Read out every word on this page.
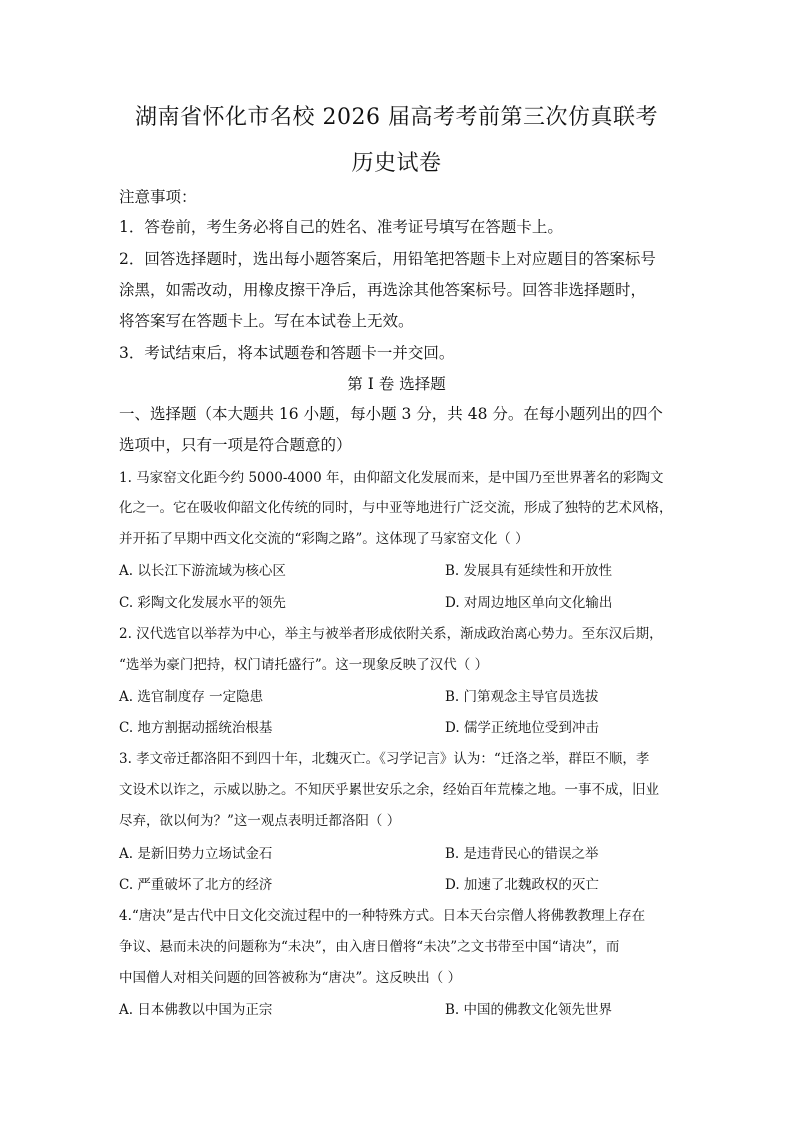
湖南省怀化市名校 2026 届高考考前第三次仿真联考
历史试卷
注意事项：
1．答卷前，考生务必将自己的姓名、准考证号填写在答题卡上。
2．回答选择题时，选出每小题答案后，用铅笔把答题卡上对应题目的答案标号
涂黑，如需改动，用橡皮擦干净后，再选涂其他答案标号。回答非选择题时，
将答案写在答题卡上。写在本试卷上无效。
3．考试结束后，将本试题卷和答题卡一并交回。
第 I 卷 选择题
一、选择题（本大题共 16 小题，每小题 3 分，共 48 分。在每小题列出的四个
选项中，只有一项是符合题意的）
1. 马家窑文化距今约 5000-4000 年，由仰韶文化发展而来，是中国乃至世界著名的彩陶文
化之一。它在吸收仰韶文化传统的同时，与中亚等地进行广泛交流，形成了独特的艺术风格，
并开拓了早期中西文化交流的“彩陶之路”。这体现了马家窑文化（ ）
A. 以长江下游流域为核心区	B. 发展具有延续性和开放性
C. 彩陶文化发展水平的领先	D. 对周边地区单向文化输出
2. 汉代选官以举荐为中心，举主与被举者形成依附关系，渐成政治离心势力。至东汉后期，
“选举为豪门把持，权门请托盛行”。这一现象反映了汉代（ ）
A. 选官制度存 一定隐患	B. 门第观念主导官员选拔
C. 地方割据动摇统治根基	D. 儒学正统地位受到冲击
3. 孝文帝迁都洛阳不到四十年，北魏灭亡。《习学记言》认为：“迁洛之举，群臣不顺，孝
文设术以诈之，示威以胁之。不知厌乎累世安乐之余，经始百年荒榛之地。一事不成，旧业
尽弃，欲以何为？”这一观点表明迁都洛阳（ ）
A. 是新旧势力立场试金石	B. 是违背民心的错误之举
C. 严重破坏了北方的经济	D. 加速了北魏政权的灭亡
4.“唐决”是古代中日文化交流过程中的一种特殊方式。日本天台宗僧人将佛教教理上存在
争议、悬而未决的问题称为“未决”，由入唐日僧将“未决”之文书带至中国“请决”，而
中国僧人对相关问题的回答被称为“唐决”。这反映出（ ）
A. 日本佛教以中国为正宗	B. 中国的佛教文化领先世界
